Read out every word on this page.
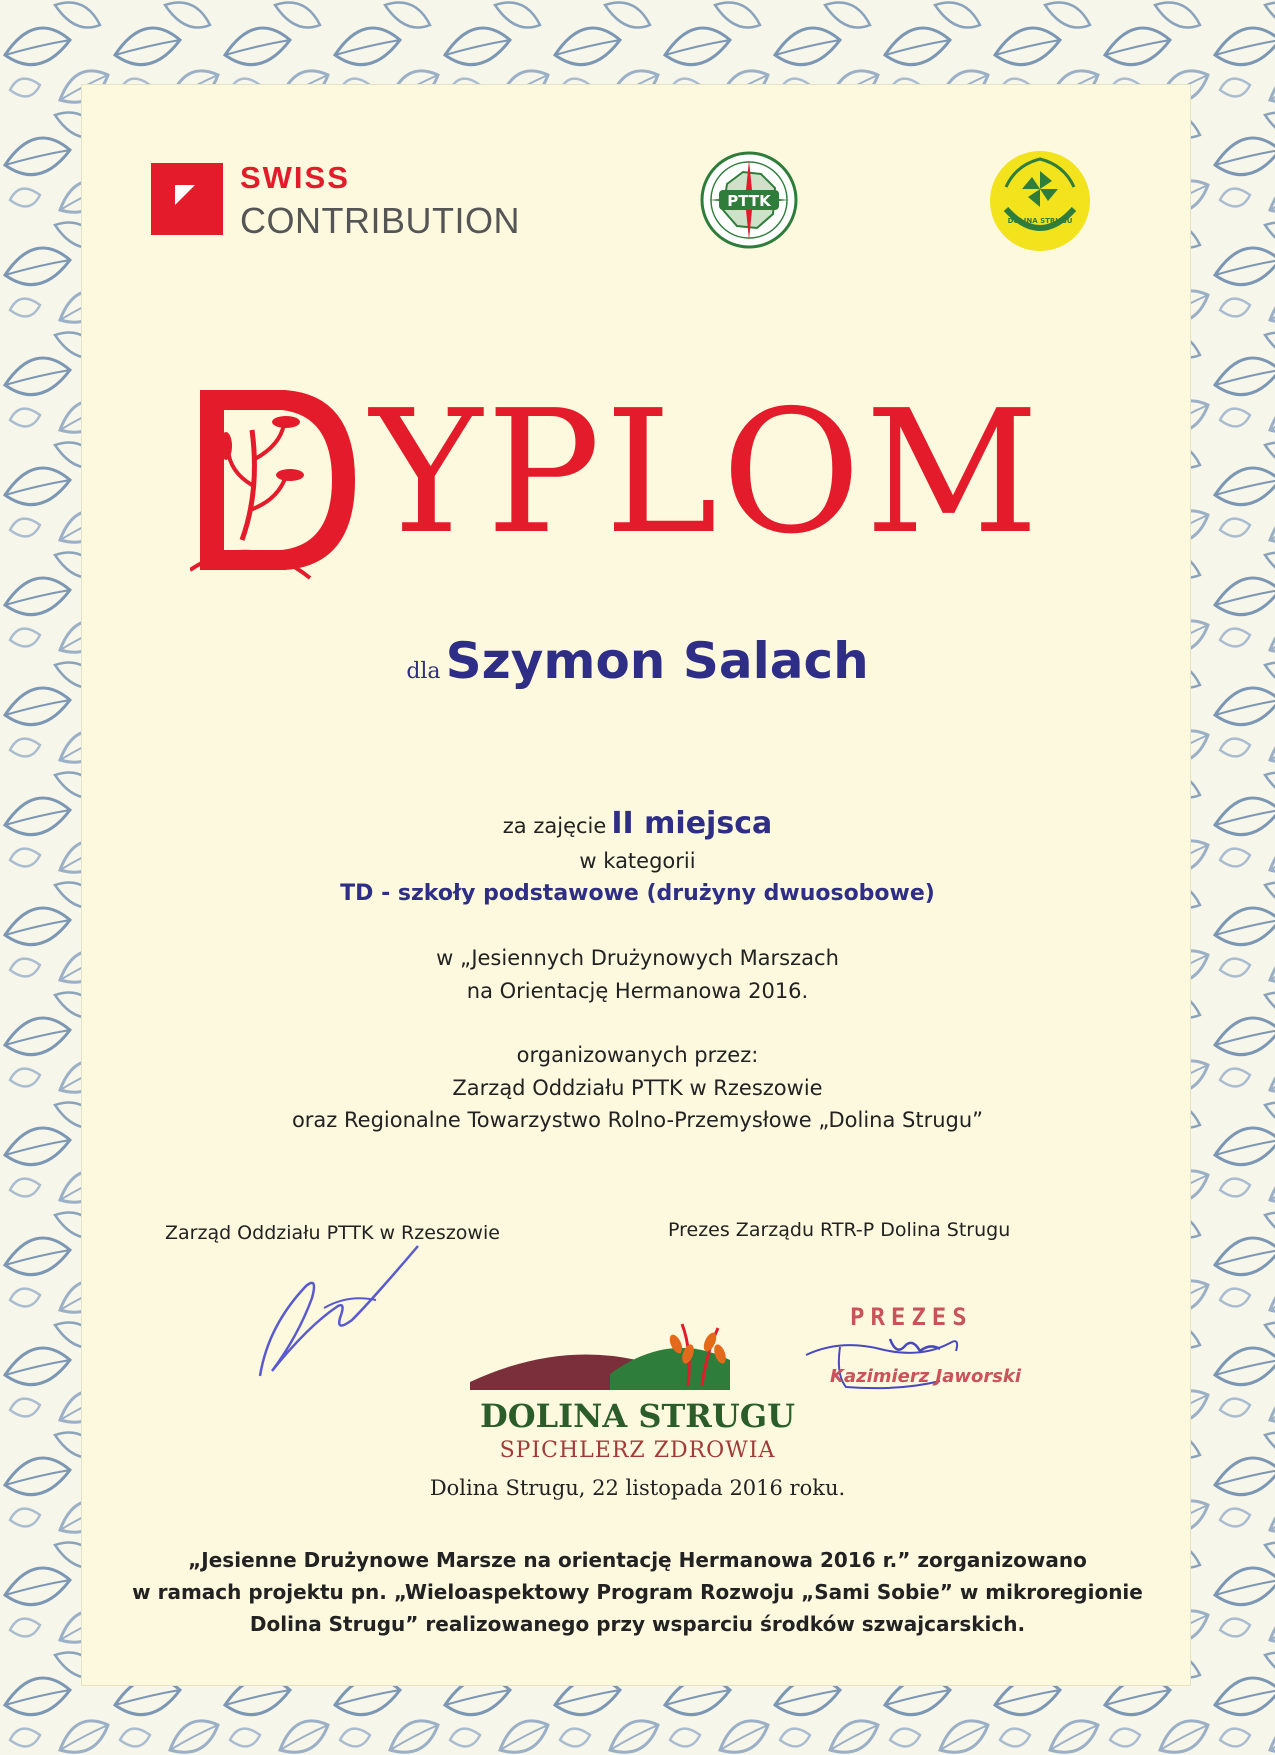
SWISS
CONTRIBUTION	PTTK
DOLINA STRUGU
YPLOM
dla Szymon Salach
za zajęcie II miejsca
w kategorii
TD - szkoły podstawowe (drużyny dwuosobowe)
w „Jesiennych Drużynowych Marszach
na Orientację Hermanowa 2016.
organizowanych przez:
Zarząd Oddziału PTTK w Rzeszowie
oraz Regionalne Towarzystwo Rolno-Przemysłowe „Dolina Strugu”
Zarząd Oddziału PTTK w Rzeszowie	Prezes Zarządu RTR-P Dolina Strugu
PREZES
Kazimierz Jaworski
DOLINA STRUGU
SPICHLERZ ZDROWIA
Dolina Strugu, 22 listopada 2016 roku.
„Jesienne Drużynowe Marsze na orientację Hermanowa 2016 r.” zorganizowano
w ramach projektu pn. „Wieloaspektowy Program Rozwoju „Sami Sobie” w mikroregionie
Dolina Strugu” realizowanego przy wsparciu środków szwajcarskich.
